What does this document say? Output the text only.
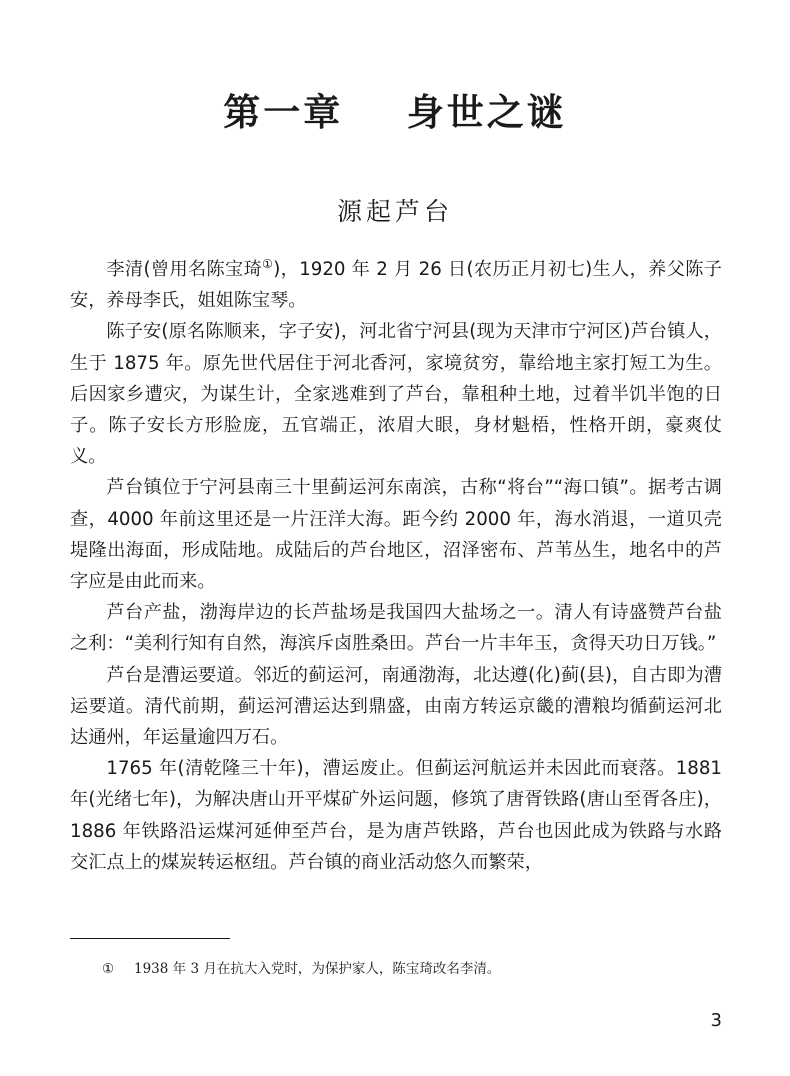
第一章    身世之谜
源起芦台

李清(曾用名陈宝琦①)，1920 年 2 月 26 日(农历正月初七)生人，养父陈子安，养母李氏，姐姐陈宝琴。

陈子安(原名陈顺来，字子安)，河北省宁河县(现为天津市宁河区)芦台镇人，生于 1875 年。原先世代居住于河北香河，家境贫穷，靠给地主家打短工为生。后因家乡遭灾，为谋生计，全家逃难到了芦台，靠租种土地，过着半饥半饱的日子。陈子安长方形脸庞，五官端正，浓眉大眼，身材魁梧，性格开朗，豪爽仗义。

芦台镇位于宁河县南三十里蓟运河东南滨，古称“将台”“海口镇”。据考古调查，4000 年前这里还是一片汪洋大海。距今约 2000 年，海水消退，一道贝壳堤隆出海面，形成陆地。成陆后的芦台地区，沼泽密布、芦苇丛生，地名中的芦字应是由此而来。

芦台产盐，渤海岸边的长芦盐场是我国四大盐场之一。清人有诗盛赞芦台盐之利：“美利行知有自然，海滨斥卤胜桑田。芦台一片丰年玉，贪得天功日万钱。”

芦台是漕运要道。邻近的蓟运河，南通渤海，北达遵(化)蓟(县)，自古即为漕运要道。清代前期，蓟运河漕运达到鼎盛，由南方转运京畿的漕粮均循蓟运河北达通州，年运量逾四万石。

1765 年(清乾隆三十年)，漕运废止。但蓟运河航运并未因此而衰落。1881 年(光绪七年)，为解决唐山开平煤矿外运问题，修筑了唐胥铁路(唐山至胥各庄)，1886 年铁路沿运煤河延伸至芦台，是为唐芦铁路，芦台也因此成为铁路与水路交汇点上的煤炭转运枢纽。芦台镇的商业活动悠久而繁荣，

① 1938 年 3 月在抗大入党时，为保护家人，陈宝琦改名李清。
3
